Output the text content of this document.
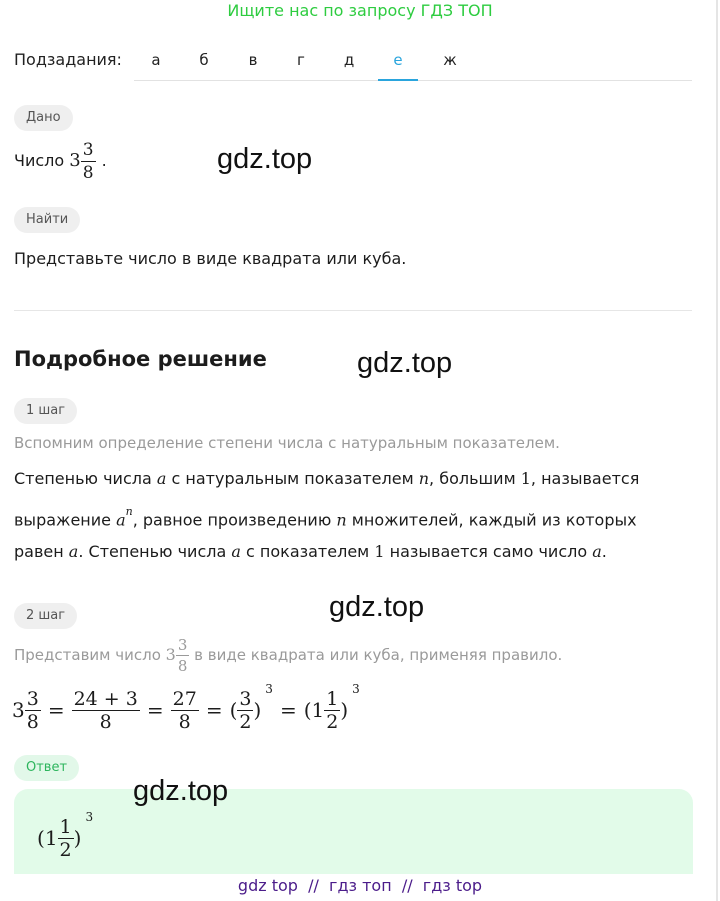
Ищите нас по запросу ГДЗ ТОП
Подзадания:	а	б	в	г	д	е	ж
Дано
Число
$3 \frac{3}{8}$ .	gdz.top
Найти
Представьте число в виде квадрата или куба.
Подробное решение	gdz.top
1 шаг
Вспомним определение степени числа с натуральным показателем.
Степенью числа a с натуральным показателем n, большим 1, называется
выражение $a^n$, равное произведению n множителей, каждый из которых
равен a. Степенью числа a с показателем 1 называется само число a.
gdz.top
2 шаг
Представим число
$3 \frac{3}{8}$
в виде квадрата или куба, применяя правило.
$3 \frac{3}{8} = \frac{24 + 3}{8} = \frac{27}{8}$ = ( $\frac{3}{2}$ )
3
= ( $1 \frac{1}{2}$ )
3
Ответ
gdz.top
( $1 \frac{1}{2}$ )
3
gdz top  //  гдз топ  //  гдз top
